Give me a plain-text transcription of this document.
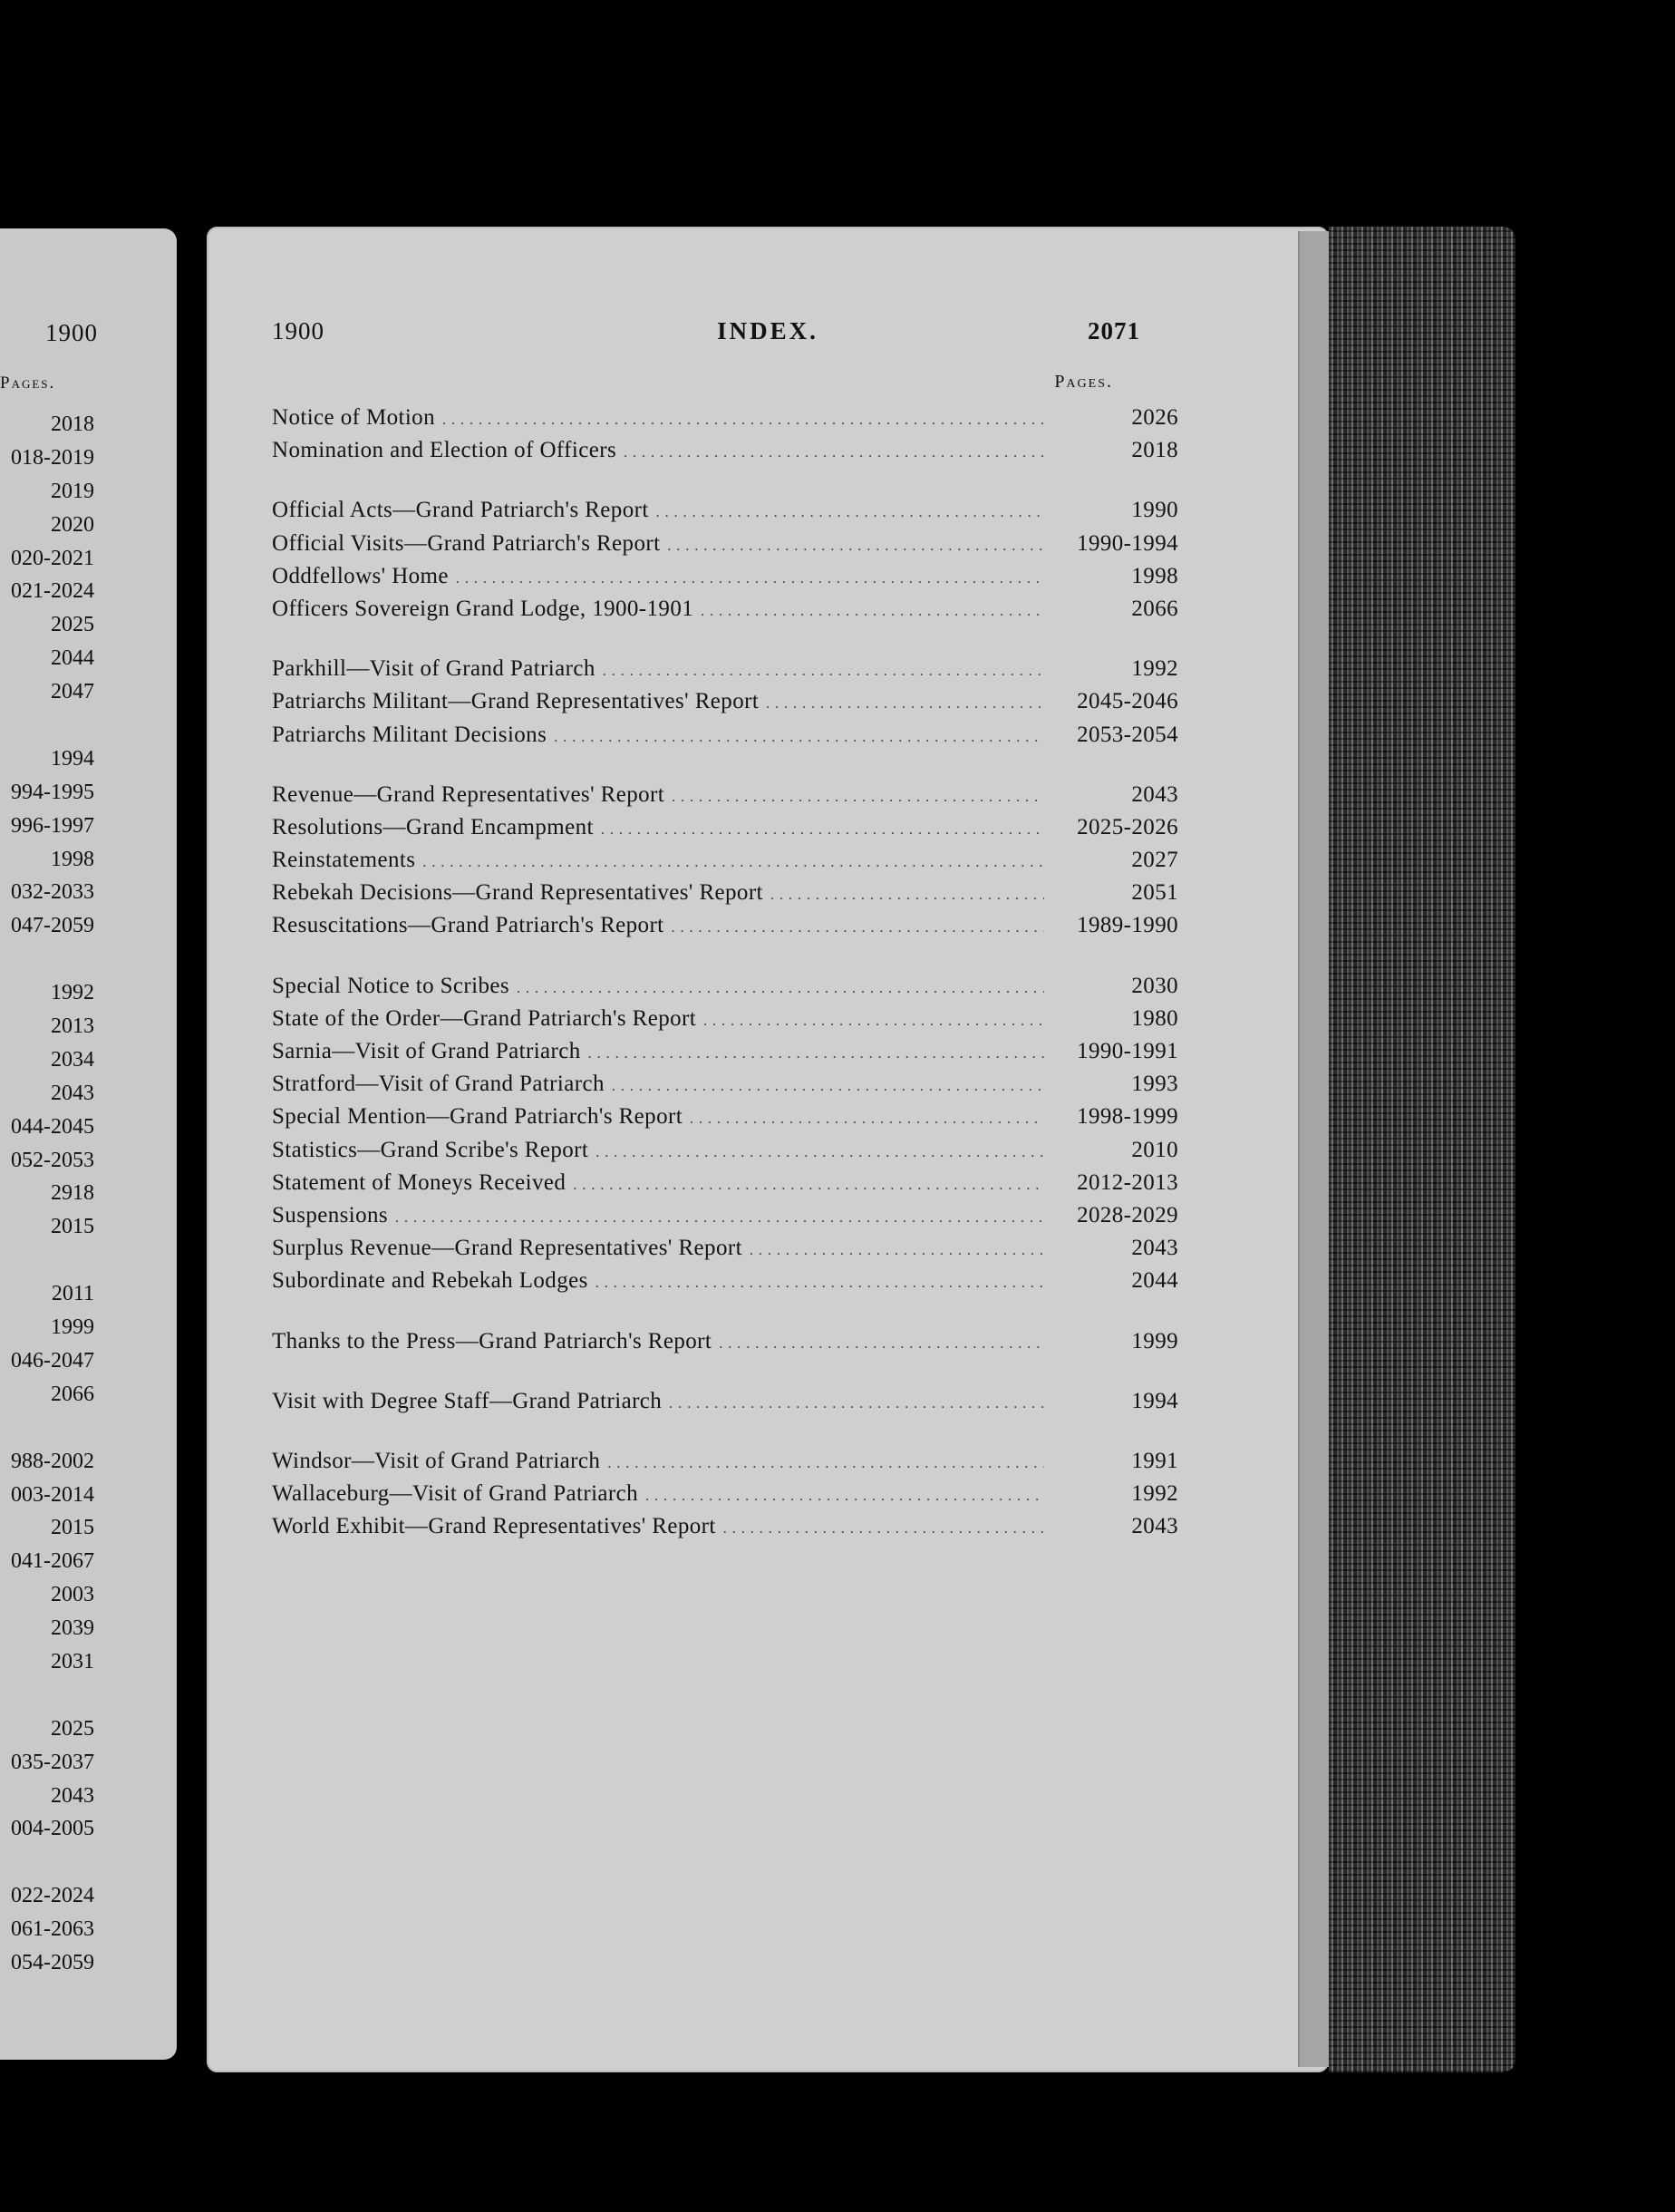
1900
Pages.
2018
018-2019
2019
2020
020-2021
021-2024
2025
2044
2047
1994
994-1995
996-1997
1998
032-2033
047-2059
1992
2013
2034
2043
044-2045
052-2053
2918
2015
2011
1999
046-2047
2066
988-2002
003-2014
2015
041-2067
2003
2039
2031
2025
035-2037
2043
004-2005
022-2024
061-2063
054-2059
1900	INDEX.	2071
Pages.
Notice of Motion . . .	2026
Nomination and Election of Officers . . .	2018
Official Acts—Grand Patriarch's Report . . .	1990
Official Visits—Grand Patriarch's Report . . .	1990-1994
Oddfellows' Home . . .	1998
Officers Sovereign Grand Lodge, 1900-1901 . . .	2066
Parkhill—Visit of Grand Patriarch . . .	1992
Patriarchs Militant—Grand Representatives' Report . . .	2045-2046
Patriarchs Militant Decisions . . .	2053-2054
Revenue—Grand Representatives' Report . . .	2043
Resolutions—Grand Encampment . . .	2025-2026
Reinstatements . . .	2027
Rebekah Decisions—Grand Representatives' Report . . .	2051
Resuscitations—Grand Patriarch's Report . . .	1989-1990
Special Notice to Scribes . . .	2030
State of the Order—Grand Patriarch's Report . . .	1980
Sarnia—Visit of Grand Patriarch . . .	1990-1991
Stratford—Visit of Grand Patriarch . . .	1993
Special Mention—Grand Patriarch's Report . . .	1998-1999
Statistics—Grand Scribe's Report . . .	2010
Statement of Moneys Received . . .	2012-2013
Suspensions . . .	2028-2029
Surplus Revenue—Grand Representatives' Report . . .	2043
Subordinate and Rebekah Lodges . . .	2044
Thanks to the Press—Grand Patriarch's Report . . .	1999
Visit with Degree Staff—Grand Patriarch . . .	1994
Windsor—Visit of Grand Patriarch . . .	1991
Wallaceburg—Visit of Grand Patriarch . . .	1992
World Exhibit—Grand Representatives' Report . . .	2043
